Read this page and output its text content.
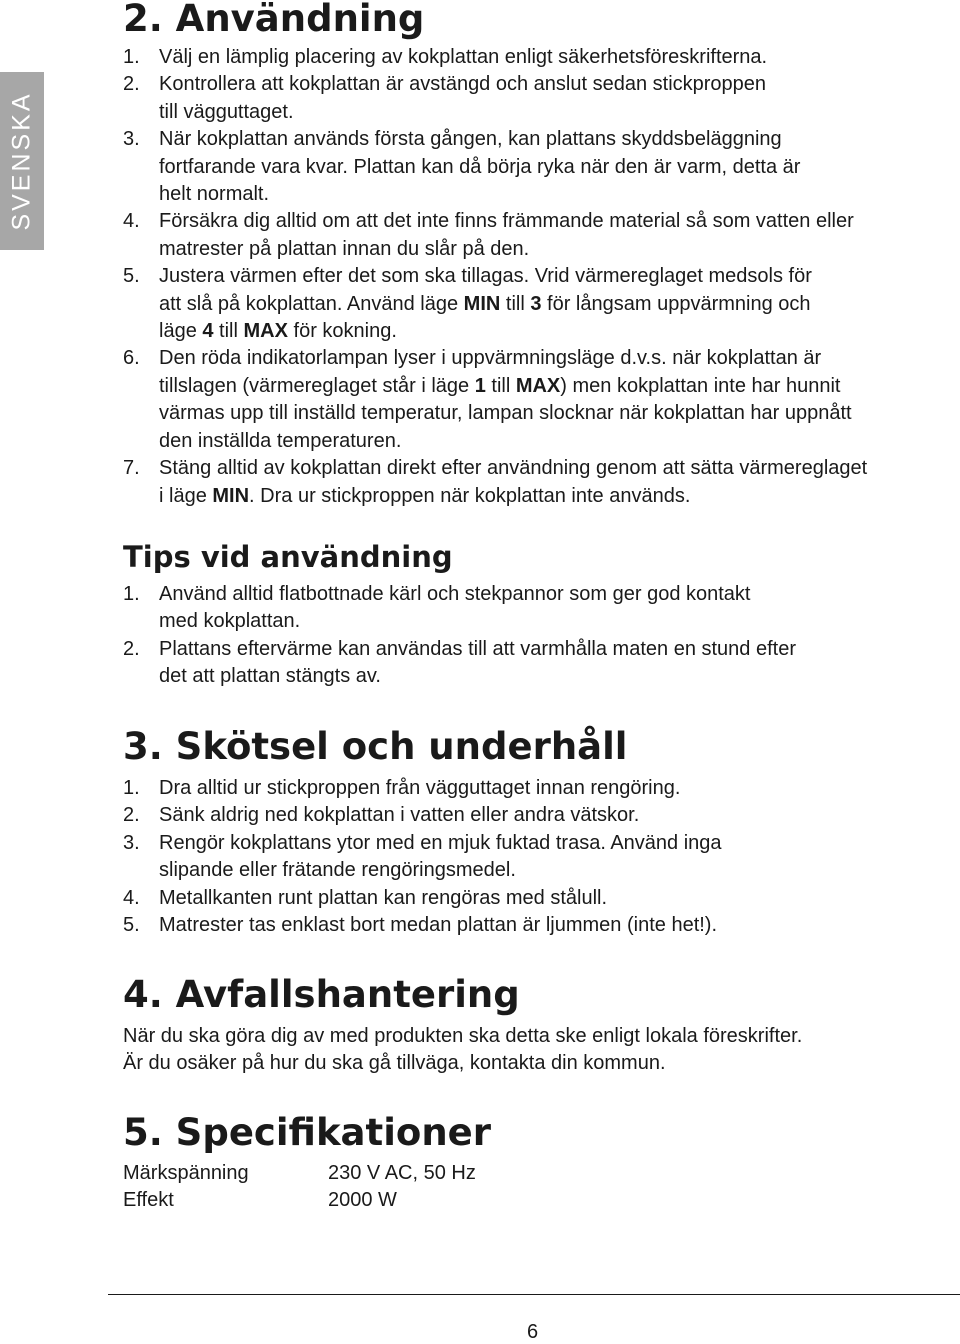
SVENSKA
2. Användning
1. Välj en lämplig placering av kokplattan enligt säkerhetsföreskrifterna.
2. Kontrollera att kokplattan är avstängd och anslut sedan stickproppen
till vägguttaget.
3. När kokplattan används första gången, kan plattans skyddsbeläggning
fortfarande vara kvar. Plattan kan då börja ryka när den är varm, detta är
helt normalt.
4. Försäkra dig alltid om att det inte finns främmande material så som vatten eller
matrester på plattan innan du slår på den.
5. Justera värmen efter det som ska tillagas. Vrid värmereglaget medsols för
att slå på kokplattan. Använd läge MIN till 3 för långsam uppvärmning och
läge 4 till MAX för kokning.
6. Den röda indikatorlampan lyser i uppvärmningsläge d.v.s. när kokplattan är
tillslagen (värmereglaget står i läge 1 till MAX) men kokplattan inte har hunnit
värmas upp till inställd temperatur, lampan slocknar när kokplattan har uppnått
den inställda temperaturen.
7. Stäng alltid av kokplattan direkt efter användning genom att sätta värmereglaget
i läge MIN. Dra ur stickproppen när kokplattan inte används.
Tips vid användning
1. Använd alltid flatbottnade kärl och stekpannor som ger god kontakt
med kokplattan.
2. Plattans eftervärme kan användas till att varmhålla maten en stund efter
det att plattan stängts av.
3. Skötsel och underhåll
1. Dra alltid ur stickproppen från vägguttaget innan rengöring.
2. Sänk aldrig ned kokplattan i vatten eller andra vätskor.
3. Rengör kokplattans ytor med en mjuk fuktad trasa. Använd inga
slipande eller frätande rengöringsmedel.
4. Metallkanten runt plattan kan rengöras med stålull.
5. Matrester tas enklast bort medan plattan är ljummen (inte het!).
4. Avfallshantering

När du ska göra dig av med produkten ska detta ske enligt lokala föreskrifter.
Är du osäker på hur du ska gå tillväga, kontakta din kommun.

5. Specifikationer
Märkspänning	230 V AC, 50 Hz
Effekt	2000 W
6
